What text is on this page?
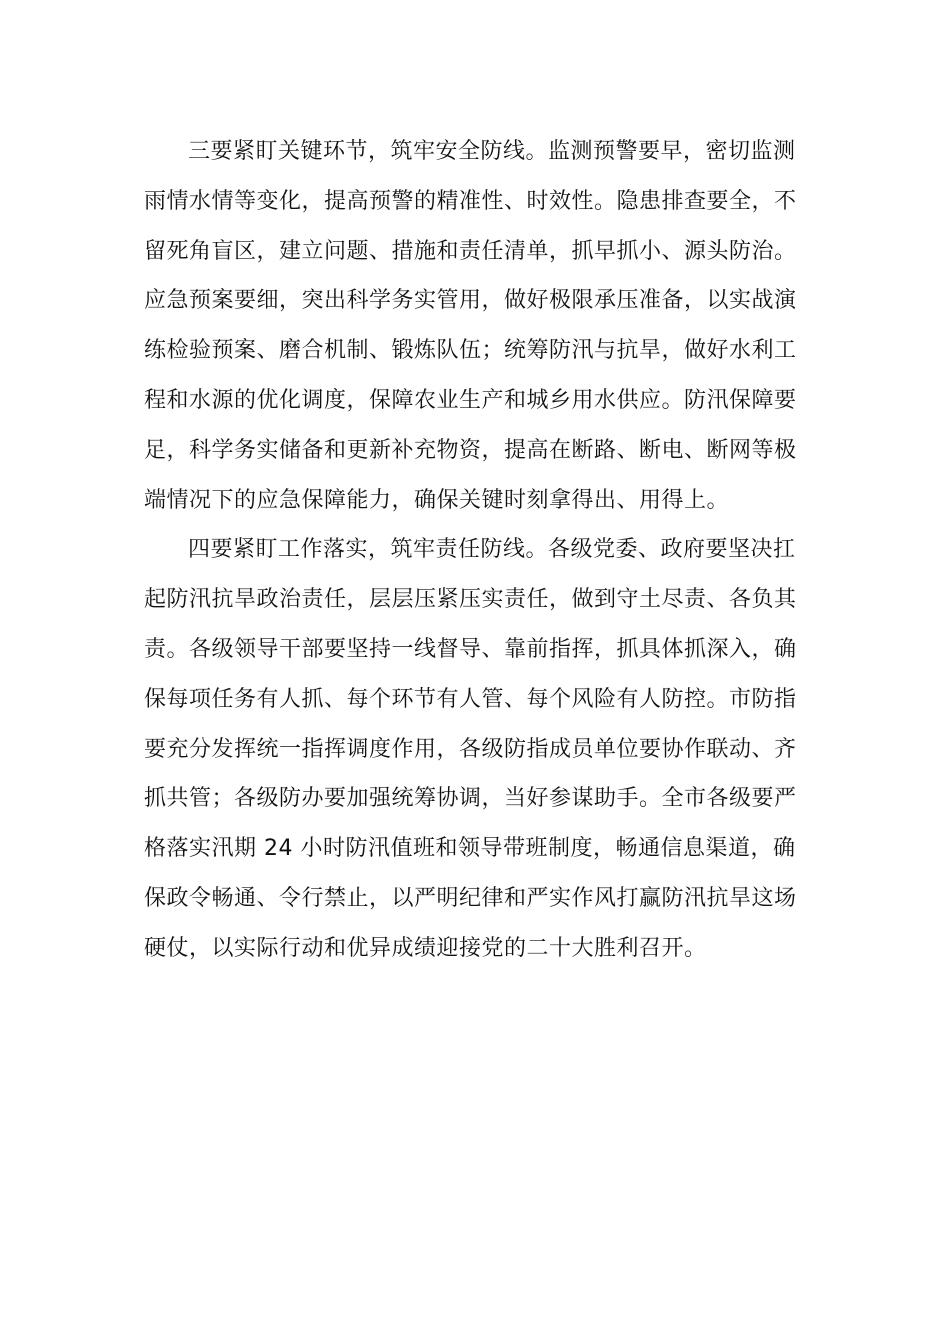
三要紧盯关键环节，筑牢安全防线。监测预警要早，密切监测
雨情水情等变化，提高预警的精准性、时效性。隐患排查要全，不
留死角盲区，建立问题、措施和责任清单，抓早抓小、源头防治。
应急预案要细，突出科学务实管用，做好极限承压准备，以实战演
练检验预案、磨合机制、锻炼队伍；统筹防汛与抗旱，做好水利工
程和水源的优化调度，保障农业生产和城乡用水供应。防汛保障要
足，科学务实储备和更新补充物资，提高在断路、断电、断网等极
端情况下的应急保障能力，确保关键时刻拿得出、用得上。
四要紧盯工作落实，筑牢责任防线。各级党委、政府要坚决扛
起防汛抗旱政治责任，层层压紧压实责任，做到守土尽责、各负其
责。各级领导干部要坚持一线督导、靠前指挥，抓具体抓深入，确
保每项任务有人抓、每个环节有人管、每个风险有人防控。市防指
要充分发挥统一指挥调度作用，各级防指成员单位要协作联动、齐
抓共管；各级防办要加强统筹协调，当好参谋助手。全市各级要严
格落实汛期 24 小时防汛值班和领导带班制度，畅通信息渠道，确
保政令畅通、令行禁止，以严明纪律和严实作风打赢防汛抗旱这场
硬仗，以实际行动和优异成绩迎接党的二十大胜利召开。
